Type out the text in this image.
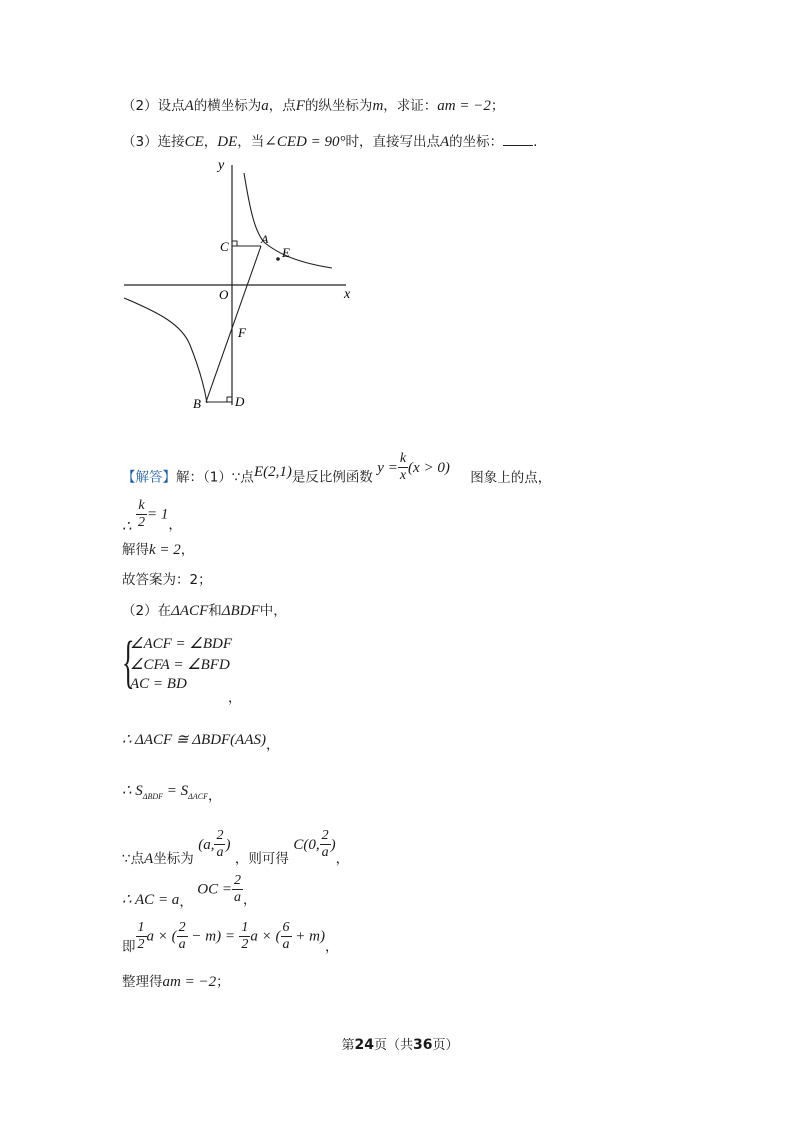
（2）设点A的横坐标为a，点F的纵坐标为m，求证：am = −2；
（3）连接CE，DE，当∠CED = 90°时，直接写出点A的坐标： .
y
x
O
C	A
E
F
B	D
【解答】解：（1）∵点E(2,1)是反比例函数 $y = \frac{k}{x} (x > 0)$ 图象上的点，
∴ $\frac{k}{2} = 1$，
解得k = 2，
故答案为：2；
（2）在ΔACF和ΔBDF中，
{
∠ACF = ∠BDF
∠CFA = ∠BFD
AC = BD
，
∴ ΔACF ≅ ΔBDF(AAS)，
∴ $S_{\Delta BDF} = S_{\Delta ACF}$，
∵点A坐标为 (a, $\frac{2}{a}$ ) ，则可得 C(0, $\frac{2}{a}$ )，
∴ AC = a， OC = $\frac{2}{a}$ ，
即 $\frac{1}{2}$ a × ( $\frac{2}{a} - m) = \frac{1}{2}$ a × ( $\frac{6}{a} + m$)，
整理得am = −2；
第24页（共36页）
